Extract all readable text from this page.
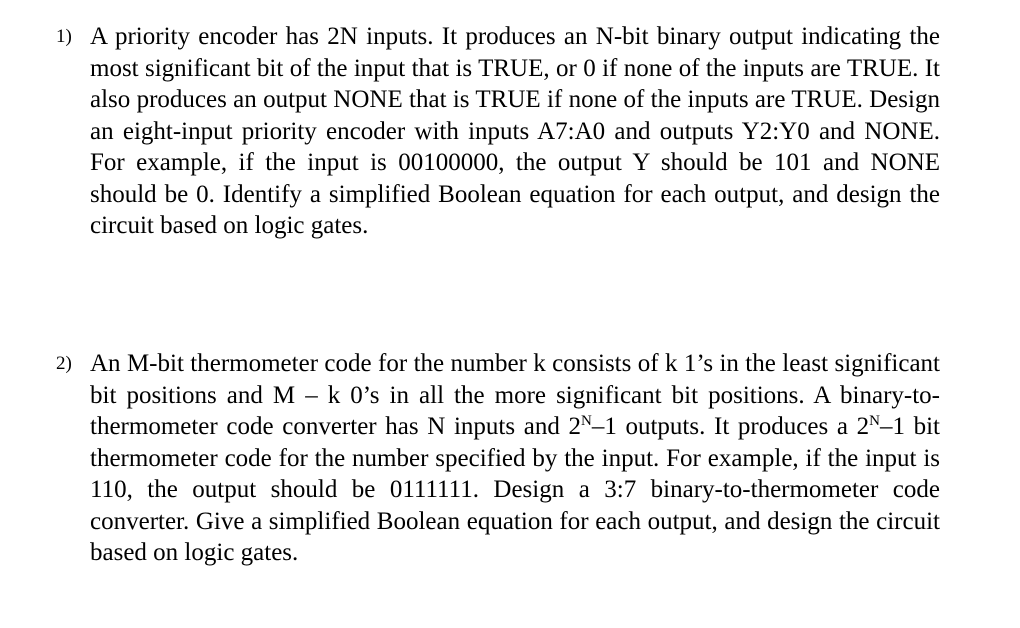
1) A priority encoder has 2N inputs. It produces an N-bit binary output indicating the most significant bit of the input that is TRUE, or 0 if none of the inputs are TRUE. It also produces an output NONE that is TRUE if none of the inputs are TRUE. Design an eight-input priority encoder with inputs A7:A0 and outputs Y2:Y0 and NONE. For example, if the input is 00100000, the output Y should be 101 and NONE should be 0. Identify a simplified Boolean equation for each output, and design the circuit based on logic gates.

2) An M-bit thermometer code for the number k consists of k 1’s in the least significant bit positions and M – k 0’s in all the more significant bit positions. A binary-to-thermometer code converter has N inputs and $2^N-1$ outputs. It produces a $2^N-1$ bit thermometer code for the number specified by the input. For example, if the input is 110, the output should be 0111111. Design a 3:7 binary-to-thermometer code converter. Give a simplified Boolean equation for each output, and design the circuit based on logic gates.
